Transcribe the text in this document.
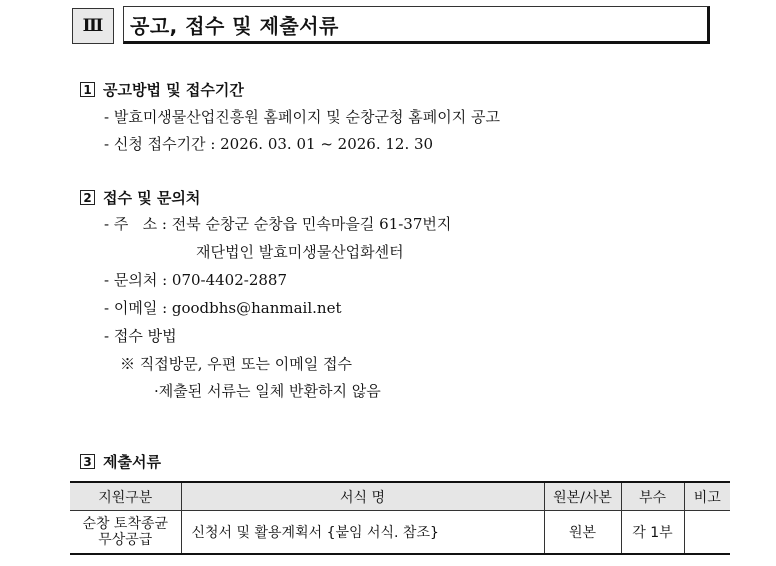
Ⅲ	공고, 접수 및 제출서류
1 공고방법 및 접수기간
- 발효미생물산업진흥원 홈페이지 및 순창군청 홈페이지 공고
- 신청 접수기간 : 2026. 03. 01 ~ 2026. 12. 30
2 접수 및 문의처
- 주   소 : 전북 순창군 순창읍 민속마을길 61-37번지
재단법인 발효미생물산업화센터
- 문의처 : 070-4402-2887
- 이메일 : goodbhs@hanmail.net
- 접수 방법
※ 직접방문, 우편 또는 이메일 접수
·제출된 서류는 일체 반환하지 않음
3 제출서류
지원구분	서식 명	원본/사본	부수	비고

순창 토착종균
무상공급	신청서 및 활용계획서 {붙임 서식. 참조}	원본	각 1부	
